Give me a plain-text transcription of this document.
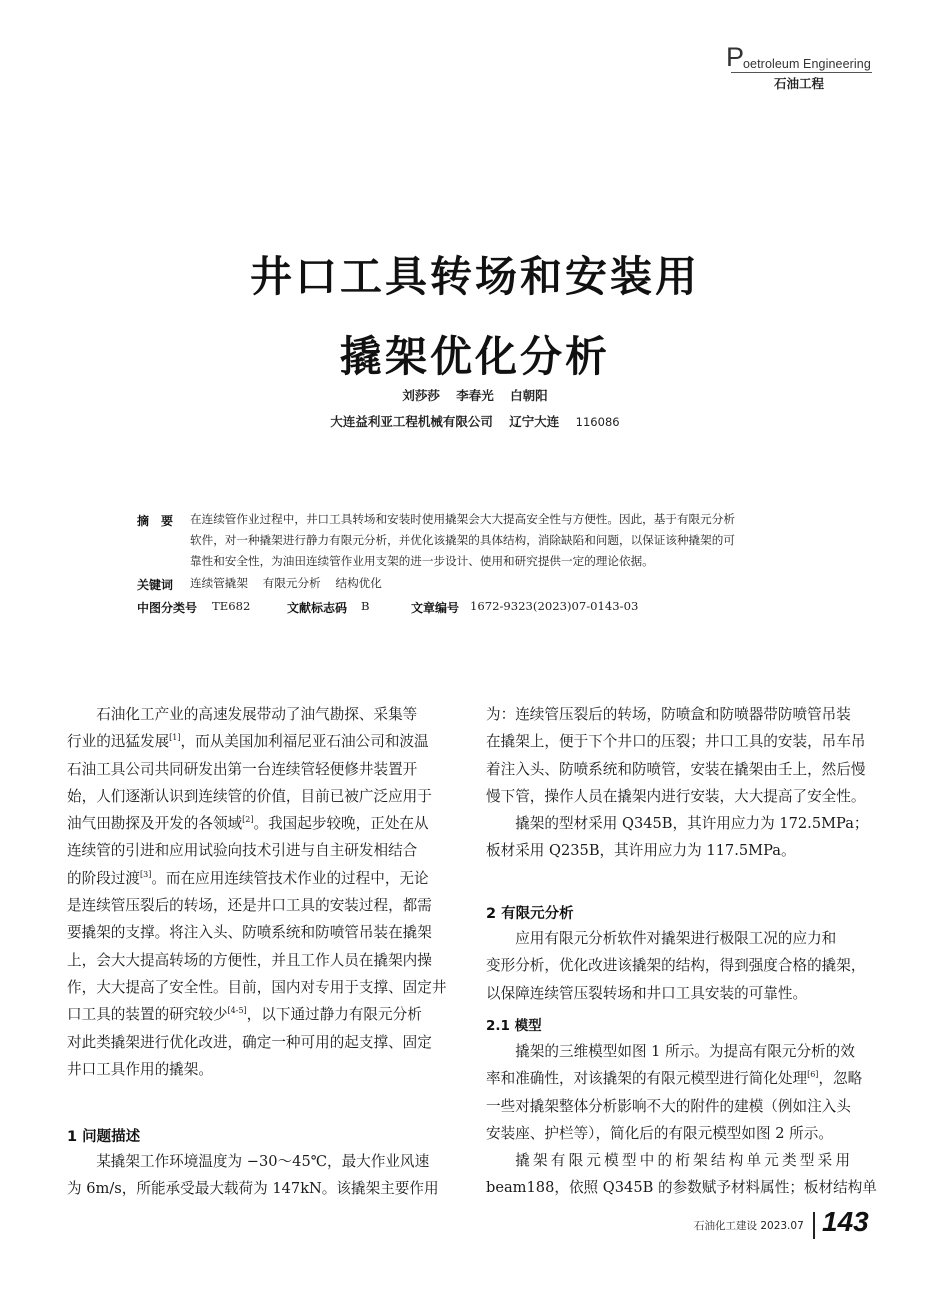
P
oetroleum Engineering
石油工程
井口工具转场和安装用
撬架优化分析
刘莎莎 李春光 白朝阳
大连益利亚工程机械有限公司 辽宁大连 116086
摘　要 在连续管作业过程中，井口工具转场和安装时使用撬架会大大提高安全性与方便性。因此，基于有限元分析
软件，对一种撬架进行静力有限元分析，并优化该撬架的具体结构，消除缺陷和问题，以保证该种撬架的可
靠性和安全性，为油田连续管作业用支架的进一步设计、使用和研究提供一定的理论依据。
关键词 连续管撬架 有限元分析 结构优化
中图分类号 TE682	文献标志码 B	文章编号 1672-9323(2023)07-0143-03
石油化工产业的高速发展带动了油气勘探、采集等
行业的迅猛发展[1]，而从美国加利福尼亚石油公司和波温
石油工具公司共同研发出第一台连续管轻便修井装置开
始，人们逐渐认识到连续管的价值，目前已被广泛应用于
油气田勘探及开发的各领域[2]。我国起步较晚，正处在从
连续管的引进和应用试验向技术引进与自主研发相结合
的阶段过渡[3]。而在应用连续管技术作业的过程中，无论
是连续管压裂后的转场，还是井口工具的安装过程，都需
要撬架的支撑。将注入头、防喷系统和防喷管吊装在撬架
上，会大大提高转场的方便性，并且工作人员在撬架内操
作，大大提高了安全性。目前，国内对专用于支撑、固定井
口工具的装置的研究较少[4-5]，以下通过静力有限元分析
对此类撬架进行优化改进，确定一种可用的起支撑、固定
井口工具作用的撬架。
1 问题描述
某撬架工作环境温度为 −30～45℃，最大作业风速
为 6m/s，所能承受最大载荷为 147kN。该撬架主要作用
为：连续管压裂后的转场，防喷盒和防喷器带防喷管吊装
在撬架上，便于下个井口的压裂；井口工具的安装，吊车吊
着注入头、防喷系统和防喷管，安装在撬架由壬上，然后慢
慢下管，操作人员在撬架内进行安装，大大提高了安全性。
撬架的型材采用 Q345B，其许用应力为 172.5MPa；
板材采用 Q235B，其许用应力为 117.5MPa。
2 有限元分析
应用有限元分析软件对撬架进行极限工况的应力和
变形分析，优化改进该撬架的结构，得到强度合格的撬架，
以保障连续管压裂转场和井口工具安装的可靠性。
2.1 模型
撬架的三维模型如图 1 所示。为提高有限元分析的效
率和准确性，对该撬架的有限元模型进行简化处理[6]，忽略
一些对撬架整体分析影响不大的附件的建模（例如注入头
安装座、护栏等），简化后的有限元模型如图 2 所示。
撬架有限元模型中的桁架结构单元类型采用
beam188，依照 Q345B 的参数赋予材料属性；板材结构单
石油化工建设 2023.07 143
